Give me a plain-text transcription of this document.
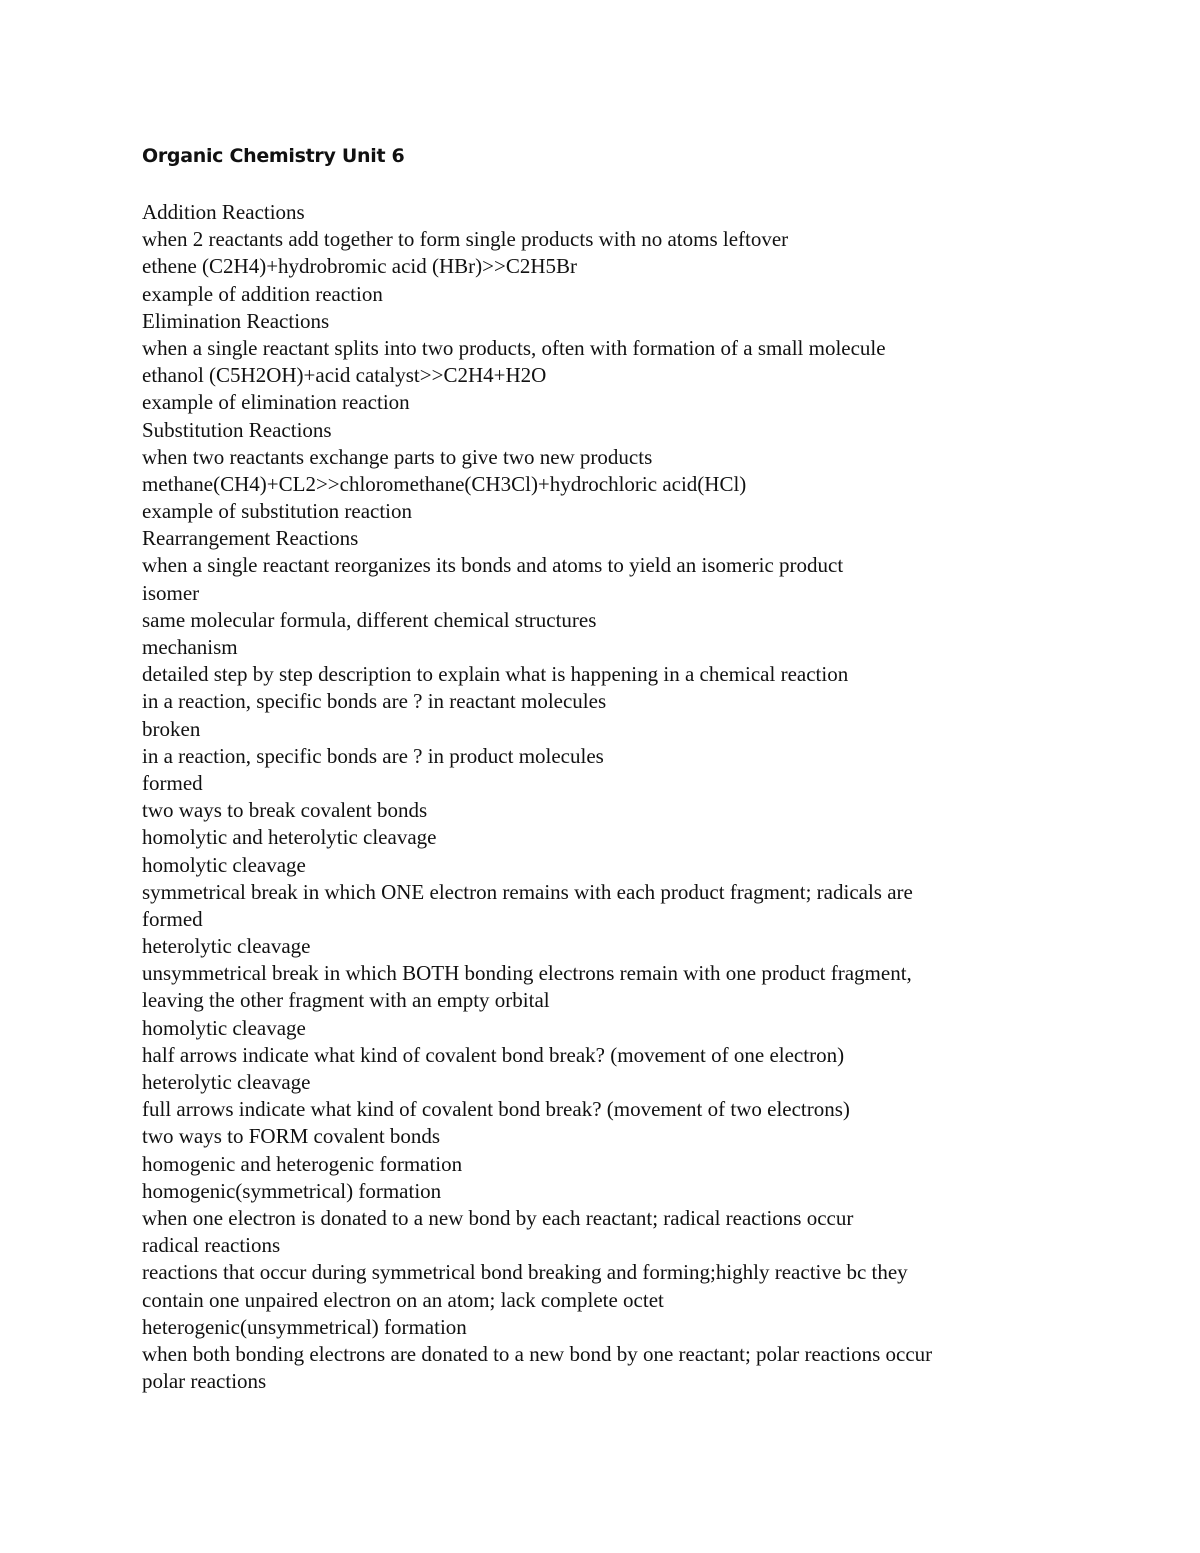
Organic Chemistry Unit 6
Addition Reactions
when 2 reactants add together to form single products with no atoms leftover
ethene (C2H4)+hydrobromic acid (HBr)>>C2H5Br
example of addition reaction
Elimination Reactions
when a single reactant splits into two products, often with formation of a small molecule
ethanol (C5H2OH)+acid catalyst>>C2H4+H2O
example of elimination reaction
Substitution Reactions
when two reactants exchange parts to give two new products
methane(CH4)+CL2>>chloromethane(CH3Cl)+hydrochloric acid(HCl)
example of substitution reaction
Rearrangement Reactions
when a single reactant reorganizes its bonds and atoms to yield an isomeric product
isomer
same molecular formula, different chemical structures
mechanism
detailed step by step description to explain what is happening in a chemical reaction
in a reaction, specific bonds are ? in reactant molecules
broken
in a reaction, specific bonds are ? in product molecules
formed
two ways to break covalent bonds
homolytic and heterolytic cleavage
homolytic cleavage
symmetrical break in which ONE electron remains with each product fragment; radicals are
formed
heterolytic cleavage
unsymmetrical break in which BOTH bonding electrons remain with one product fragment,
leaving the other fragment with an empty orbital
homolytic cleavage
half arrows indicate what kind of covalent bond break? (movement of one electron)
heterolytic cleavage
full arrows indicate what kind of covalent bond break? (movement of two electrons)
two ways to FORM covalent bonds
homogenic and heterogenic formation
homogenic(symmetrical) formation
when one electron is donated to a new bond by each reactant; radical reactions occur
radical reactions
reactions that occur during symmetrical bond breaking and forming;highly reactive bc they
contain one unpaired electron on an atom; lack complete octet
heterogenic(unsymmetrical) formation
when both bonding electrons are donated to a new bond by one reactant; polar reactions occur
polar reactions
